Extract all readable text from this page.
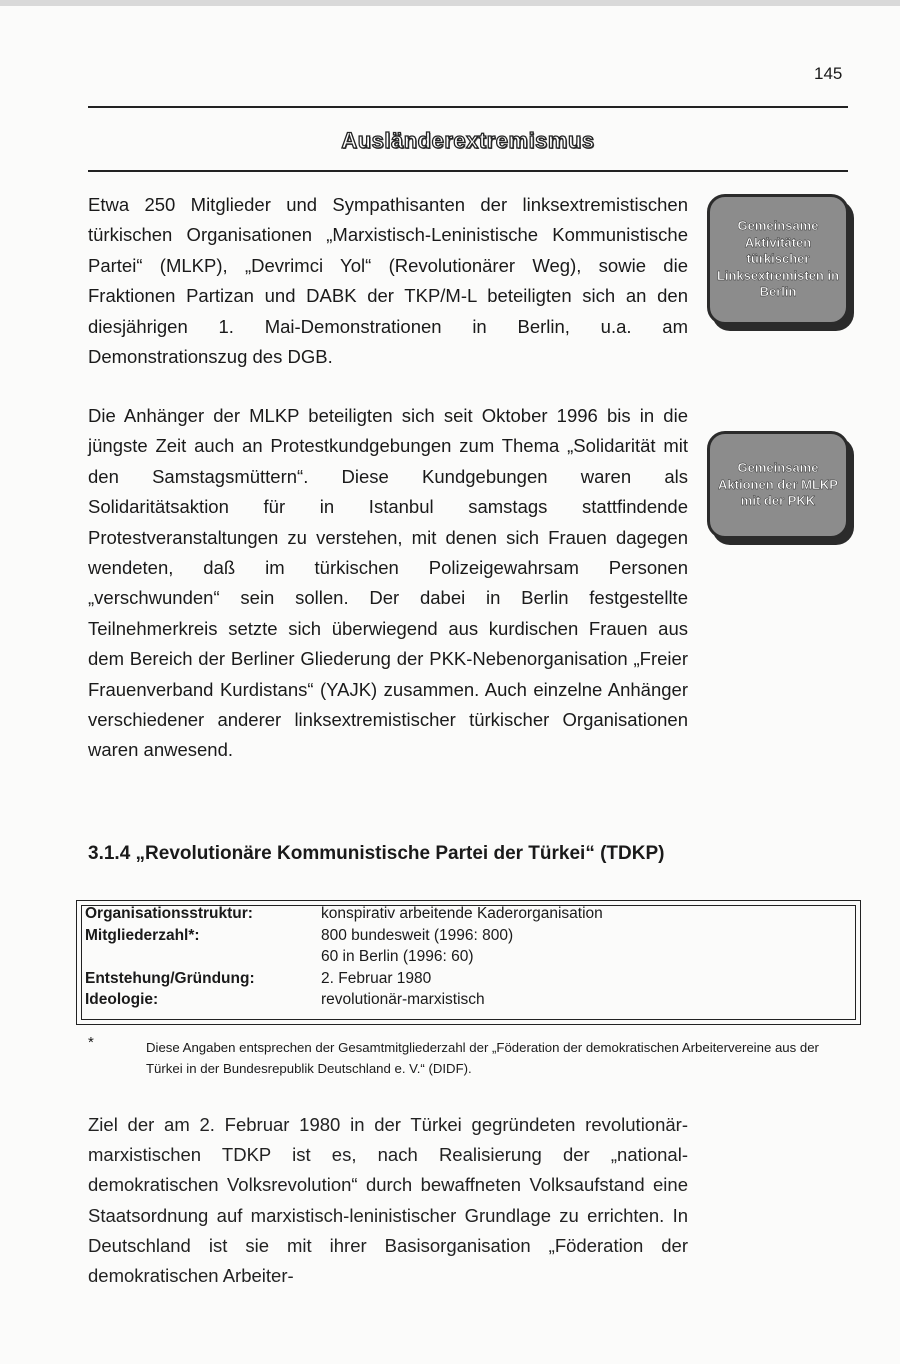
145
Ausländerextremismus

Etwa 250 Mitglieder und Sympathisanten der linksextremistischen türkischen Organisationen „Marxistisch-Leninistische Kommunistische Partei“ (MLKP), „Devrimci Yol“ (Revolutionärer Weg), sowie die Fraktionen Partizan und DABK der TKP/M-L beteiligten sich an den diesjährigen 1. Mai-Demonstrationen in Berlin, u.a. am Demonstrationszug des DGB.

Gemeinsame Aktivitäten türkischer Linksextremisten in Berlin

Die Anhänger der MLKP beteiligten sich seit Oktober 1996 bis in die jüngste Zeit auch an Protestkundgebungen zum Thema „Solidarität mit den Samstagsmüttern“. Diese Kundgebungen waren als Solidaritätsaktion für in Istanbul samstags stattfindende Protestveranstaltungen zu verstehen, mit denen sich Frauen dagegen wendeten, daß im türkischen Polizeigewahrsam Personen „verschwunden“ sein sollen. Der dabei in Berlin festgestellte Teilnehmerkreis setzte sich überwiegend aus kurdischen Frauen aus dem Bereich der Berliner Gliederung der PKK-Nebenorganisation „Freier Frauenverband Kurdistans“ (YAJK) zusammen. Auch einzelne Anhänger verschiedener anderer linksextremistischer türkischer Organisationen waren anwesend.

Gemeinsame Aktionen der MLKP mit der PKK
3.1.4 „Revolutionäre Kommunistische Partei der Türkei“ (TDKP)
Organisationsstruktur:	konspirativ arbeitende Kaderorganisation
Mitgliederzahl*:	800 bundesweit (1996: 800)
	60 in Berlin (1996: 60)
Entstehung/Gründung:	2. Februar 1980
Ideologie:	revolutionär-marxistisch
*	Diese Angaben entsprechen der Gesamtmitgliederzahl der „Föderation der demokratischen Arbeitervereine aus der Türkei in der Bundesrepublik Deutschland e. V.“ (DIDF).

Ziel der am 2. Februar 1980 in der Türkei gegründeten revolutionär-marxistischen TDKP ist es, nach Realisierung der „national-demokratischen Volksrevolution“ durch bewaffneten Volksaufstand eine Staatsordnung auf marxistisch-leninistischer Grundlage zu errichten. In Deutschland ist sie mit ihrer Basisorganisation „Föderation der demokratischen Arbeiter-
